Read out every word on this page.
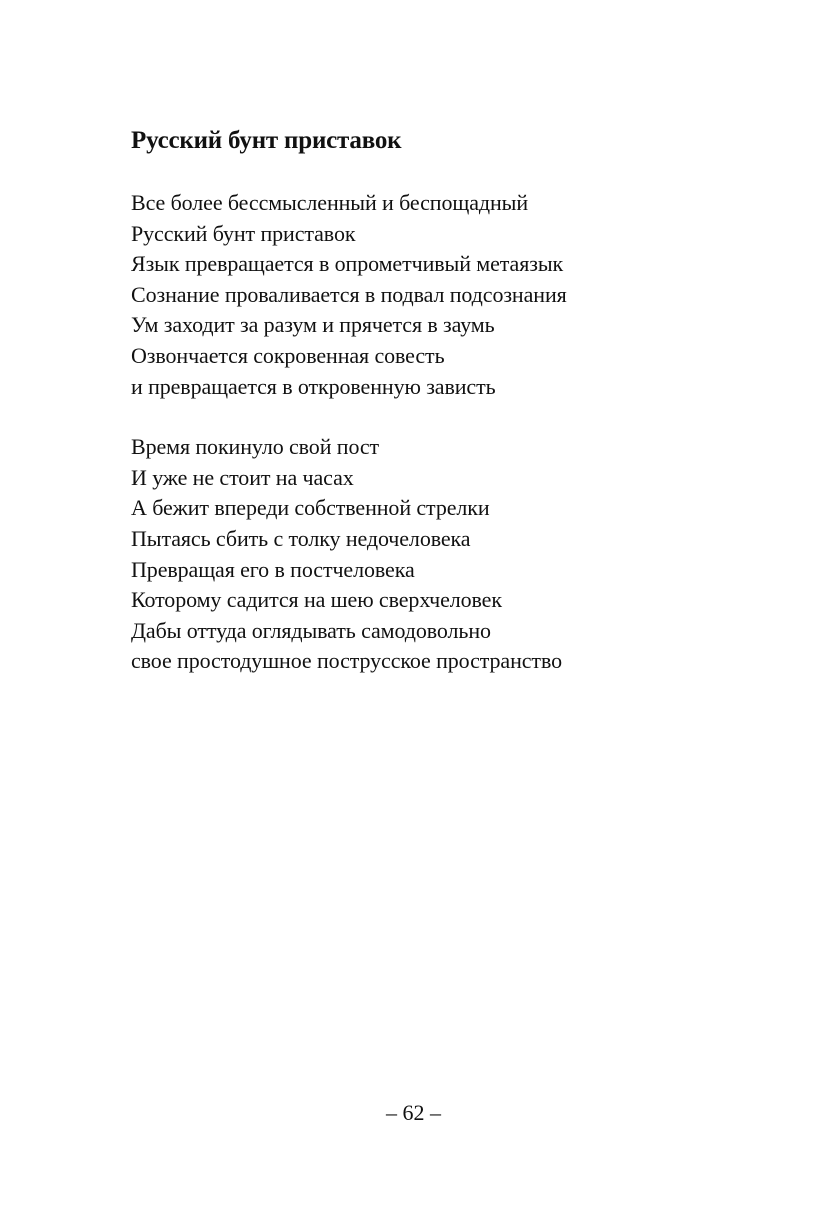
Русский бунт приставок
Все более бессмысленный и беспощадный
Русский бунт приставок
Язык превращается в опрометчивый метаязык
Сознание проваливается в подвал подсознания
Ум заходит за разум и прячется в заумь
Озвончается сокровенная совесть
и превращается в откровенную зависть
Время покинуло свой пост
И уже не стоит на часах
А бежит впереди собственной стрелки
Пытаясь сбить с толку недочеловека
Превращая его в постчеловека
Которому садится на шею сверхчеловек
Дабы оттуда оглядывать самодовольно
свое простодушное пострусское пространство
– 62 –
